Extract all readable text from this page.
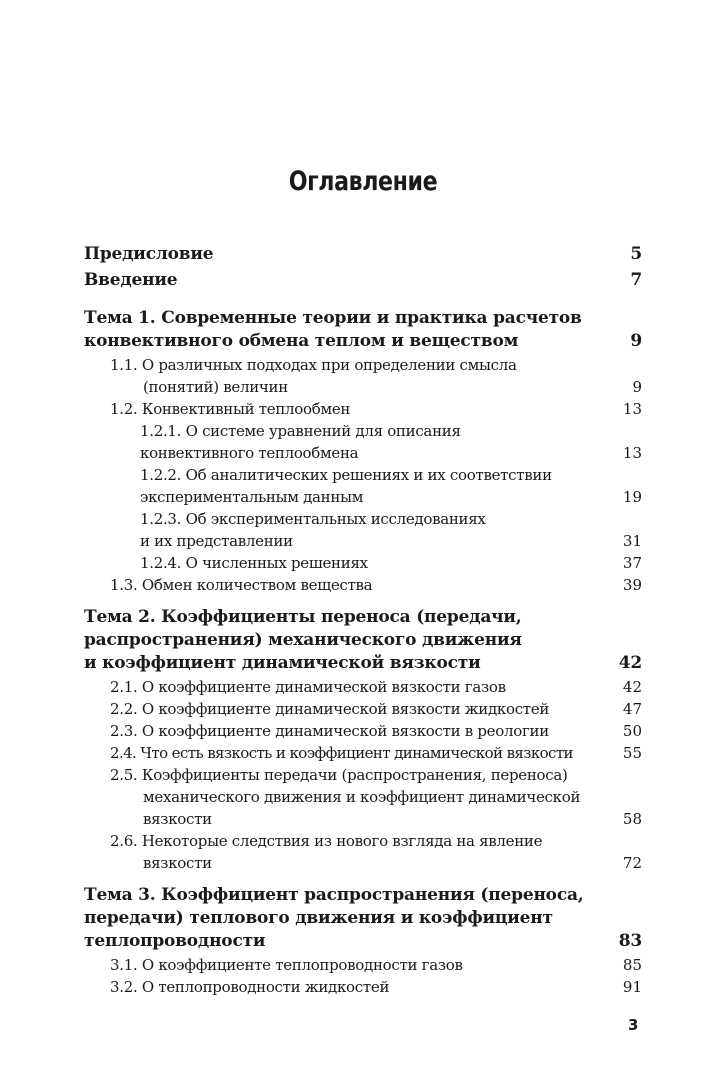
Оглавление
Предисловие	5
Введение	7
Тема 1. Современные теории и практика расчетов
конвективного обмена теплом и веществом	9
1.1. О различных подходах при определении смысла
(понятий) величин	9
1.2. Конвективный теплообмен	13
1.2.1. О системе уравнений для описания
конвективного теплообмена	13
1.2.2. Об аналитических решениях и их соответствии
экспериментальным данным	19
1.2.3. Об экспериментальных исследованиях
и их представлении	31
1.2.4. О численных решениях	37
1.3. Обмен количеством вещества	39
Тема 2. Коэффициенты переноса (передачи,
распространения) механического движения
и коэффициент динамической вязкости	42
2.1. О коэффициенте динамической вязкости газов	42
2.2. О коэффициенте динамической вязкости жидкостей	47
2.3. О коэффициенте динамической вязкости в реологии	50
2.4. Что есть вязкость и коэффициент динамической вязкости	55
2.5. Коэффициенты передачи (распространения, переноса)
механического движения и коэффициент динамической
вязкости	58
2.6. Некоторые следствия из нового взгляда на явление
вязкости	72
Тема 3. Коэффициент распространения (переноса,
передачи) теплового движения и коэффициент
теплопроводности	83
3.1. О коэффициенте теплопроводности газов	85
3.2. О теплопроводности жидкостей	91
3
